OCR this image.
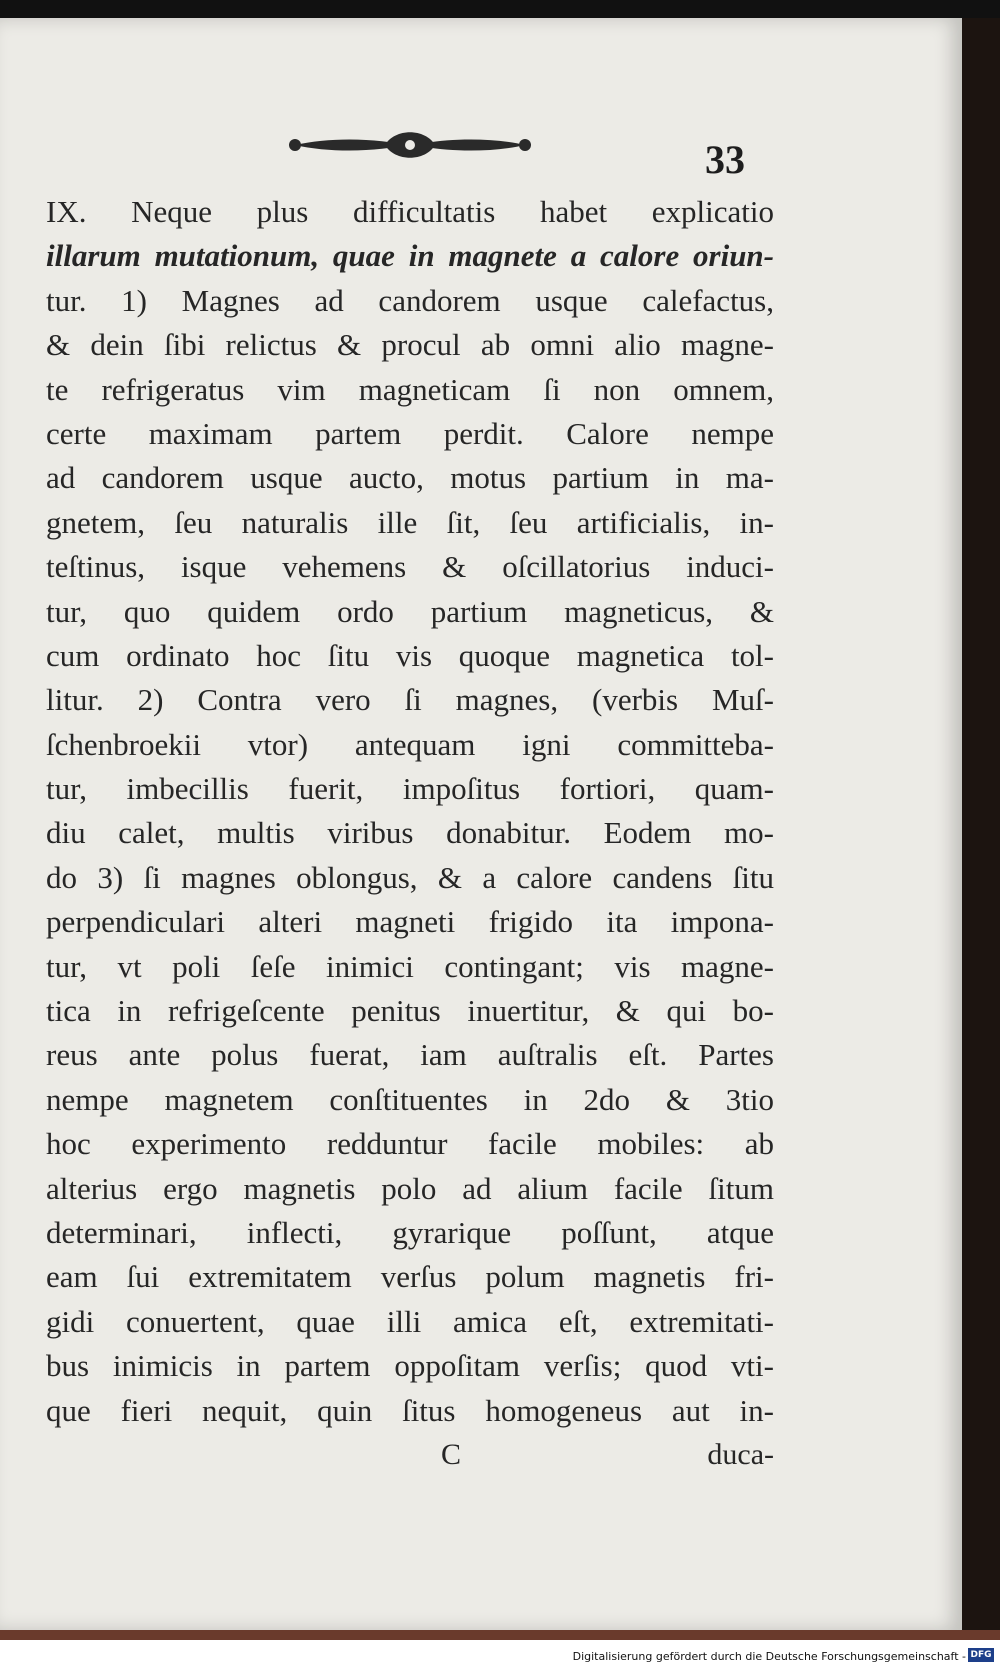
33
IX. Neque plus difficultatis habet explicatio
illarum mutationum, quae in magnete a calore oriun-
tur. 1) Magnes ad candorem usque calefactus,
& dein ſibi relictus & procul ab omni alio magne-
te refrigeratus vim magneticam ſi non omnem,
certe maximam partem perdit. Calore nempe
ad candorem usque aucto, motus partium in ma-
gnetem, ſeu naturalis ille ſit, ſeu artificialis, in-
teſtinus, isque vehemens & oſcillatorius induci-
tur, quo quidem ordo partium magneticus, &
cum ordinato hoc ſitu vis quoque magnetica tol-
litur. 2) Contra vero ſi magnes, (verbis Muſ-
ſchenbroekii vtor) antequam igni committeba-
tur, imbecillis fuerit, impoſitus fortiori, quam-
diu calet, multis viribus donabitur. Eodem mo-
do 3) ſi magnes oblongus, & a calore candens ſitu
perpendiculari alteri magneti frigido ita impona-
tur, vt poli ſeſe inimici contingant; vis magne-
tica in refrigeſcente penitus inuertitur, & qui bo-
reus ante polus fuerat, iam auſtralis eſt. Partes
nempe magnetem conſtituentes in 2do & 3tio
hoc experimento redduntur facile mobiles: ab
alterius ergo magnetis polo ad alium facile ſitum
determinari, inflecti, gyrarique poſſunt, atque
eam ſui extremitatem verſus polum magnetis fri-
gidi conuertent, quae illi amica eſt, extremitati-
bus inimicis in partem oppoſitam verſis; quod vti-
que fieri nequit, quin ſitus homogeneus aut in-
C	duca-
Digitalisierung gefördert durch die Deutsche Forschungsgemeinschaft - DFG
